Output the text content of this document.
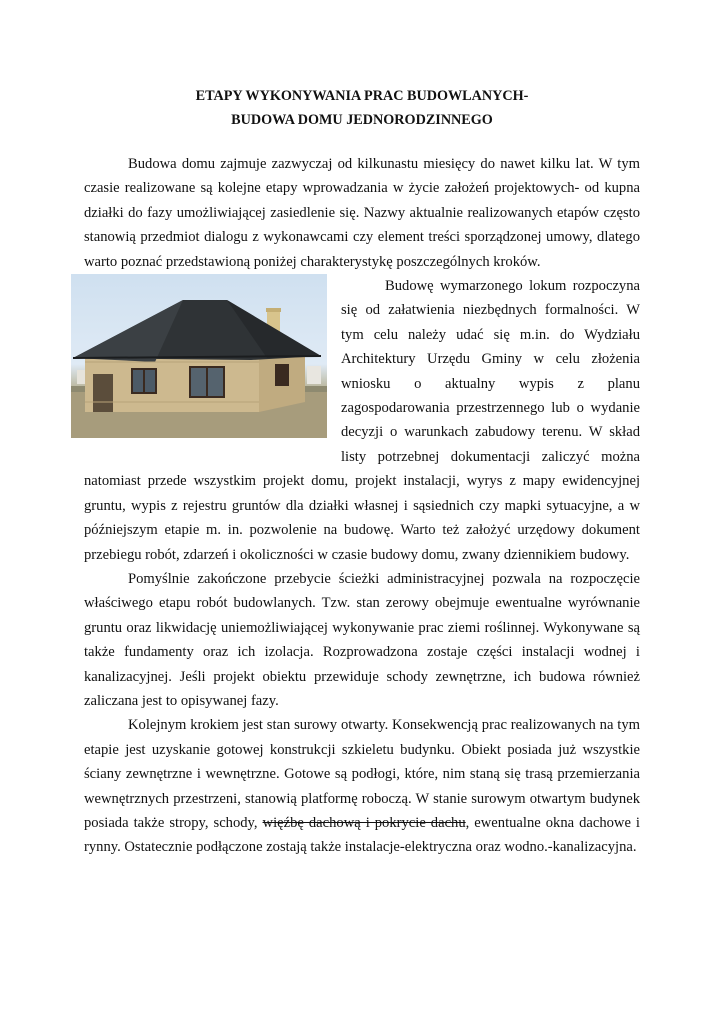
ETAPY WYKONYWANIA PRAC BUDOWLANYCH-
BUDOWA DOMU JEDNORODZINNEGO

Budowa domu zajmuje zazwyczaj od kilkunastu miesięcy do nawet kilku lat. W tym czasie realizowane są kolejne etapy wprowadzania w życie założeń projektowych- od kupna działki do fazy umożliwiającej zasiedlenie się. Nazwy aktualnie realizowanych etapów często stanowią przedmiot dialogu z wykonawcami czy element treści sporządzonej umowy, dlatego warto poznać przedstawioną poniżej charakterystykę poszczególnych kroków.

Budowę wymarzonego lokum rozpoczyna się od załatwienia niezbędnych formalności. W tym celu należy udać się m.in. do Wydziału Architektury Urzędu Gminy w celu złożenia wniosku o aktualny wypis z planu zagospodarowania przestrzennego lub o wydanie decyzji o warunkach zabudowy terenu. W skład listy potrzebnej dokumentacji zaliczyć można natomiast przede wszystkim projekt domu, projekt instalacji, wyrys z mapy ewidencyjnej gruntu, wypis z rejestru gruntów dla działki własnej i sąsiednich czy mapki sytuacyjne, a w późniejszym etapie m. in. pozwolenie na budowę. Warto też założyć urzędowy dokument przebiegu robót, zdarzeń i okoliczności w czasie budowy domu, zwany dziennikiem budowy.

Pomyślnie zakończone przebycie ścieżki administracyjnej pozwala na rozpoczęcie właściwego etapu robót budowlanych. Tzw. stan zerowy obejmuje ewentualne wyrównanie gruntu oraz likwidację uniemożliwiającej wykonywanie prac ziemi roślinnej. Wykonywane są także fundamenty oraz ich izolacja. Rozprowadzona zostaje części instalacji wodnej i kanalizacyjnej. Jeśli projekt obiektu przewiduje schody zewnętrzne, ich budowa również zaliczana jest to opisywanej fazy.

Kolejnym krokiem jest stan surowy otwarty. Konsekwencją prac realizowanych na tym etapie jest uzyskanie gotowej konstrukcji szkieletu budynku. Obiekt posiada już wszystkie ściany zewnętrzne i wewnętrzne. Gotowe są podłogi, które, nim staną się trasą przemierzania wewnętrznych przestrzeni, stanowią platformę roboczą. W stanie surowym otwartym budynek posiada także stropy, schody, więźbę dachową i pokrycie dachu, ewentualne okna dachowe i rynny. Ostatecznie podłączone zostają także instalacje-elektryczna oraz wodno.-kanalizacyjna.
